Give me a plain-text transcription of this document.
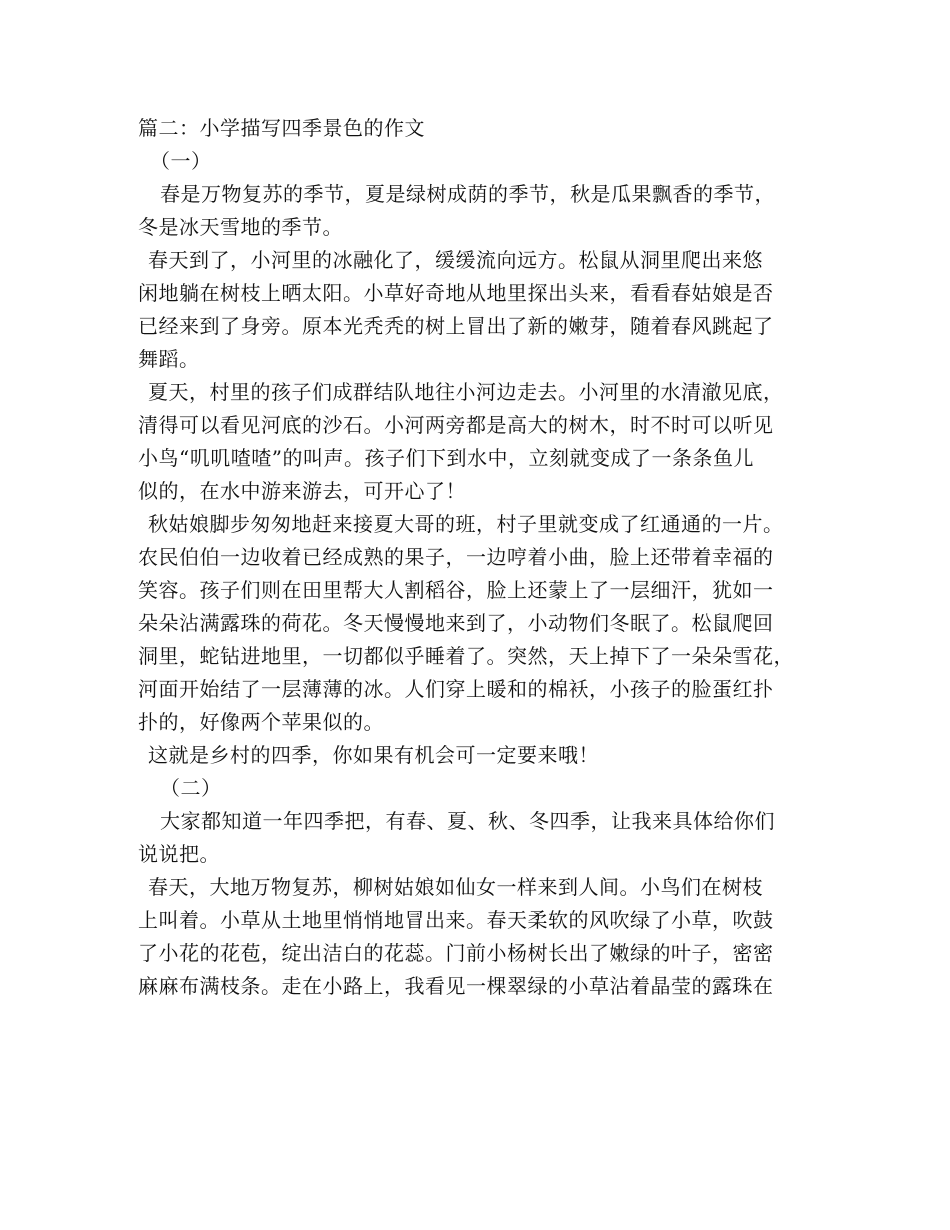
篇二：小学描写四季景色的作文
（一）
春是万物复苏的季节，夏是绿树成荫的季节，秋是瓜果飘香的季节，
冬是冰天雪地的季节。
春天到了，小河里的冰融化了，缓缓流向远方。松鼠从洞里爬出来悠
闲地躺在树枝上晒太阳。小草好奇地从地里探出头来，看看春姑娘是否
已经来到了身旁。原本光秃秃的树上冒出了新的嫩芽，随着春风跳起了
舞蹈。
夏天，村里的孩子们成群结队地往小河边走去。小河里的水清澈见底，
清得可以看见河底的沙石。小河两旁都是高大的树木，时不时可以听见
小鸟“叽叽喳喳”的叫声。孩子们下到水中，立刻就变成了一条条鱼儿
似的，在水中游来游去，可开心了！
秋姑娘脚步匆匆地赶来接夏大哥的班，村子里就变成了红通通的一片。
农民伯伯一边收着已经成熟的果子，一边哼着小曲，脸上还带着幸福的
笑容。孩子们则在田里帮大人割稻谷，脸上还蒙上了一层细汗，犹如一
朵朵沾满露珠的荷花。冬天慢慢地来到了，小动物们冬眠了。松鼠爬回
洞里，蛇钻进地里，一切都似乎睡着了。突然，天上掉下了一朵朵雪花，
河面开始结了一层薄薄的冰。人们穿上暖和的棉袄，小孩子的脸蛋红扑
扑的，好像两个苹果似的。
这就是乡村的四季，你如果有机会可一定要来哦！
（二）
大家都知道一年四季把，有春、夏、秋、冬四季，让我来具体给你们
说说把。
春天，大地万物复苏，柳树姑娘如仙女一样来到人间。小鸟们在树枝
上叫着。小草从土地里悄悄地冒出来。春天柔软的风吹绿了小草，吹鼓
了小花的花苞，绽出洁白的花蕊。门前小杨树长出了嫩绿的叶子，密密
麻麻布满枝条。走在小路上，我看见一棵翠绿的小草沾着晶莹的露珠在
